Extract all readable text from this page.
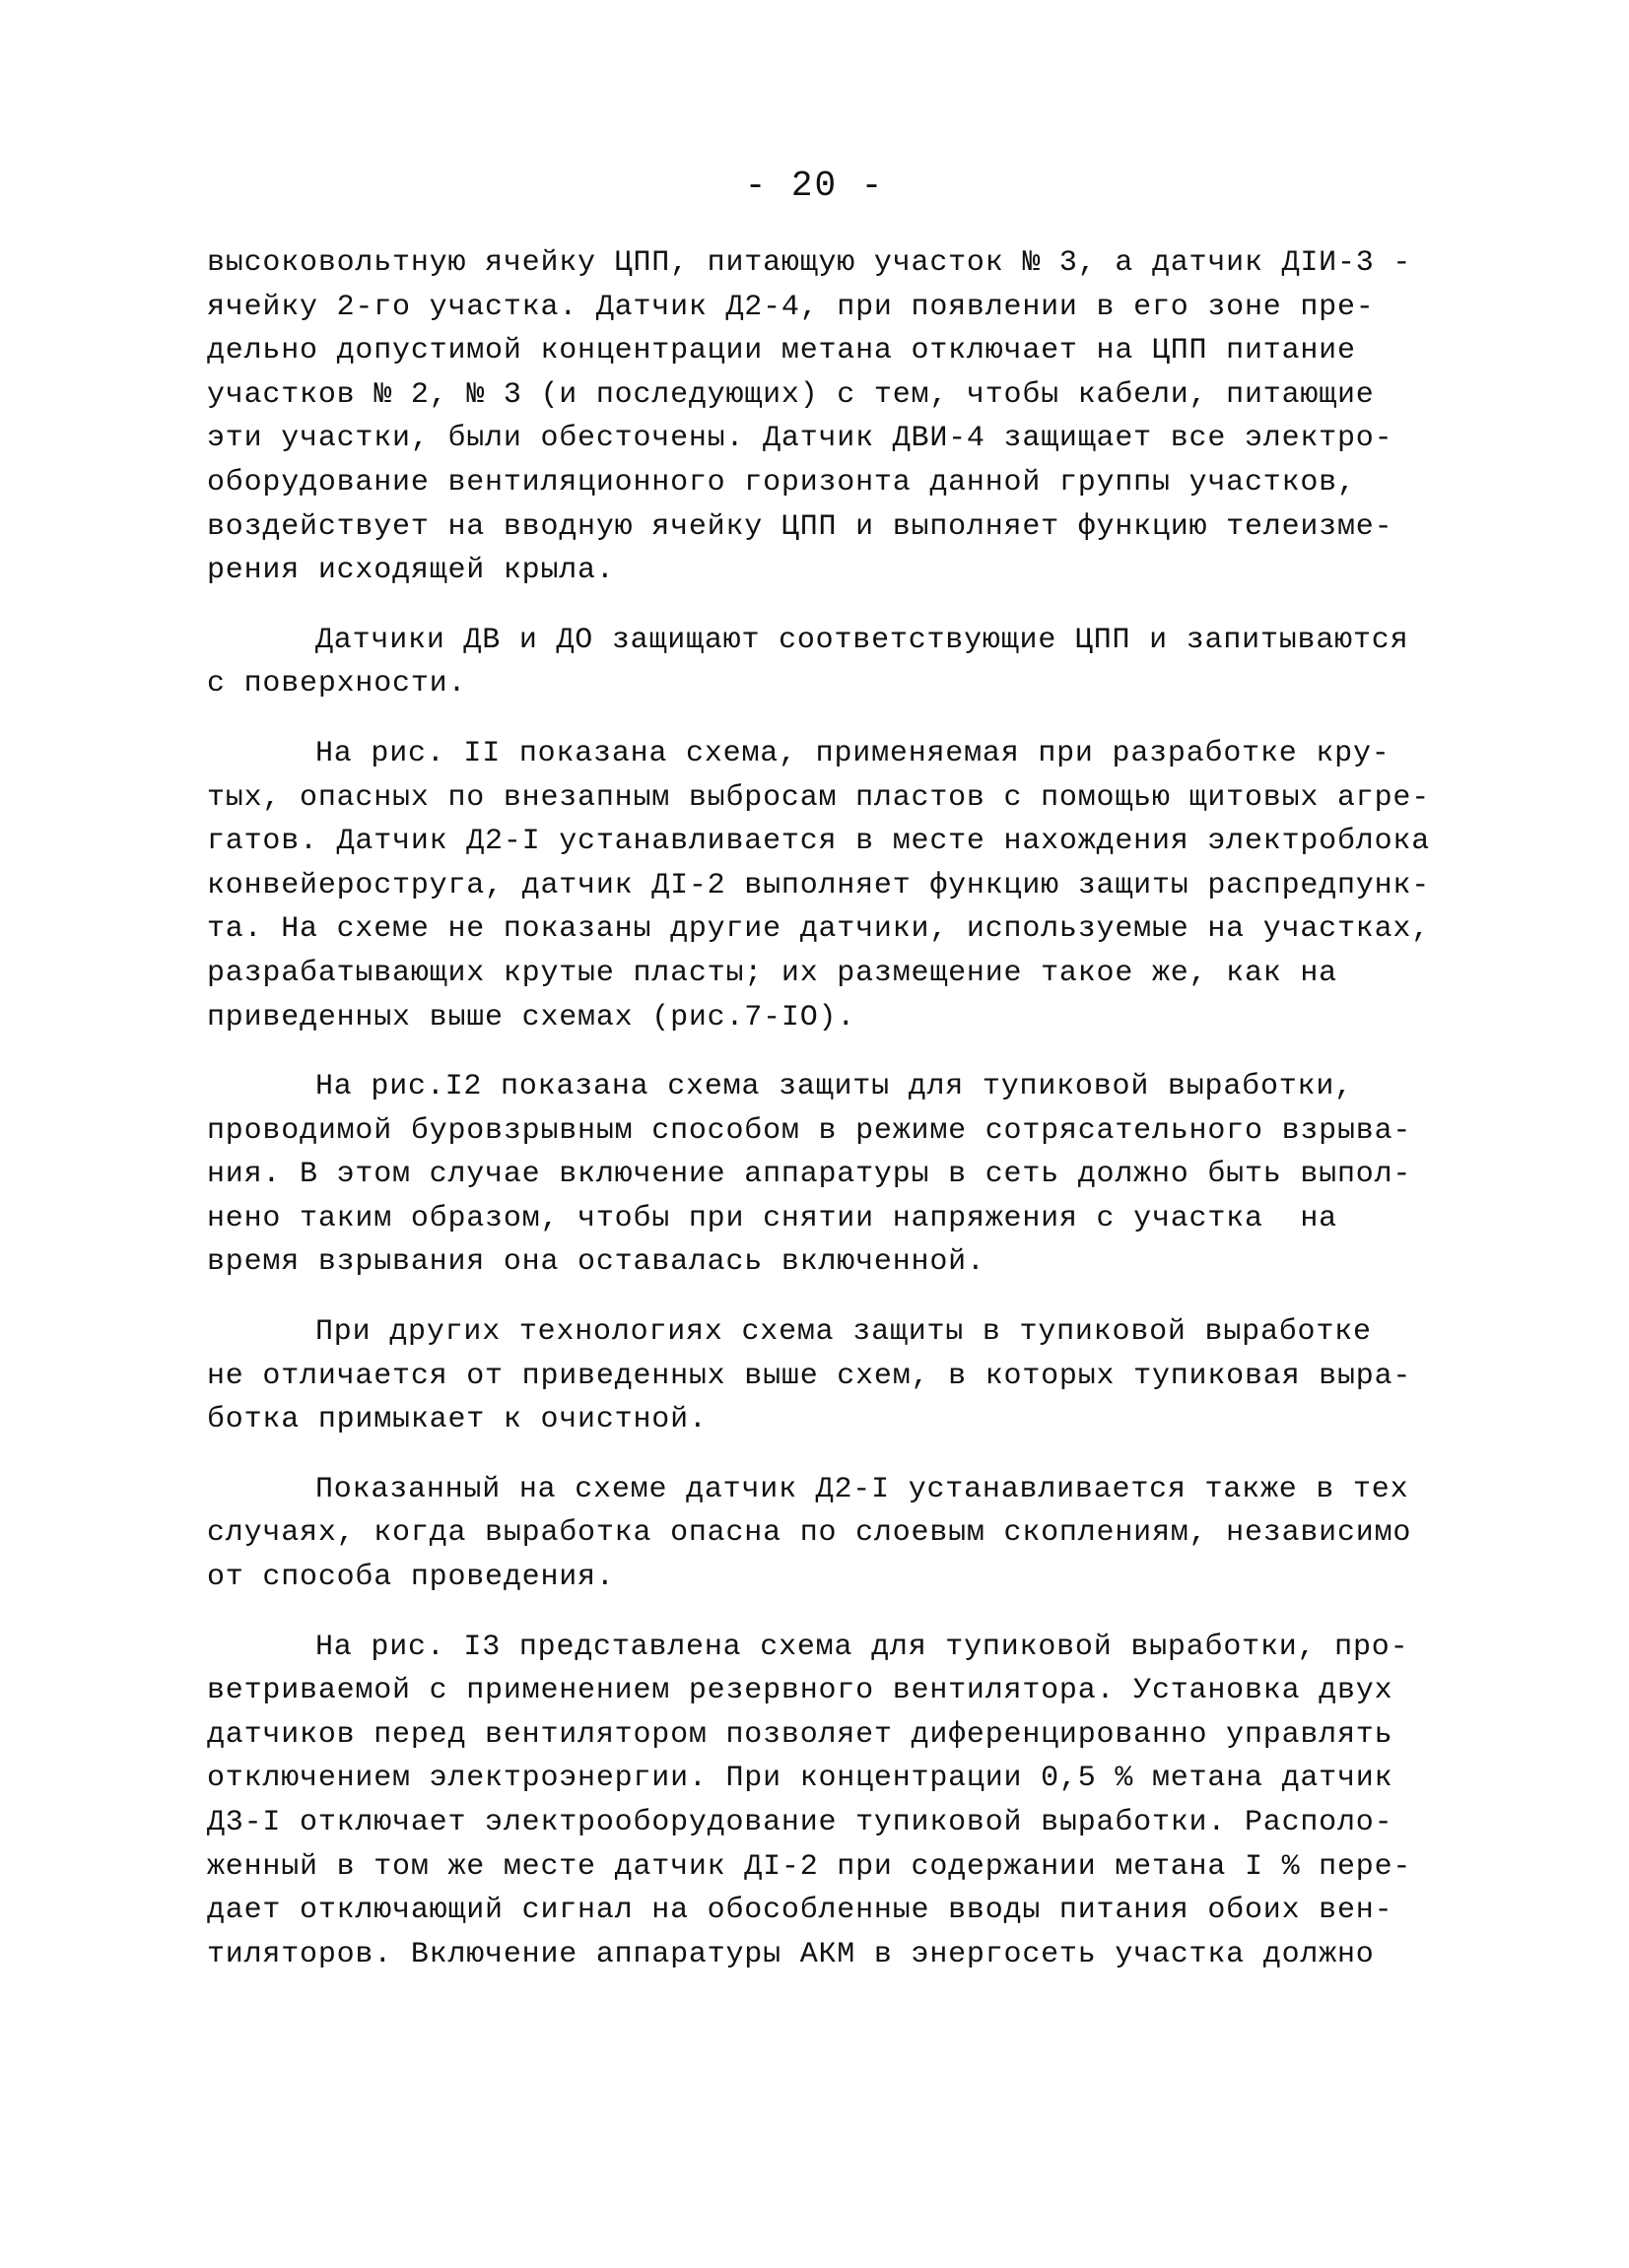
- 20 -
высоковольтную ячейку ЦПП, питающую участок № 3, а датчик ДIИ-3 -
ячейку 2-го участка. Датчик Д2-4, при появлении в его зоне пре-
дельно допустимой концентрации метана отключает на ЦПП питание
участков № 2, № 3 (и последующих) с тем, чтобы кабели, питающие
эти участки, были обесточены. Датчик ДВИ-4 защищает все электро-
оборудование вентиляционного горизонта данной группы участков,
воздействует на вводную ячейку ЦПП и выполняет функцию телеизме-
рения исходящей крыла.
Датчики ДВ и ДО защищают соответствующие ЦПП и запитываются
с поверхности.
На рис. II показана схема, применяемая при разработке кру-
тых, опасных по внезапным выбросам пластов с помощью щитовых агре-
гатов. Датчик Д2-I устанавливается в месте нахождения электроблока
конвейероструга, датчик ДI-2 выполняет функцию защиты распредпунк-
та. На схеме не показаны другие датчики, используемые на участках,
разрабатывающих крутые пласты; их размещение такое же, как на
приведенных выше схемах (рис.7-IO).
На рис.I2 показана схема защиты для тупиковой выработки,
проводимой буровзрывным способом в режиме сотрясательного взрыва-
ния. В этом случае включение аппаратуры в сеть должно быть выпол-
нено таким образом, чтобы при снятии напряжения с участка  на
время взрывания она оставалась включенной.
При других технологиях схема защиты в тупиковой выработке
не отличается от приведенных выше схем, в которых тупиковая выра-
ботка примыкает к очистной.
Показанный на схеме датчик Д2-I устанавливается также в тех
случаях, когда выработка опасна по слоевым скоплениям, независимо
от способа проведения.
На рис. I3 представлена схема для тупиковой выработки, про-
ветриваемой с применением резервного вентилятора. Установка двух
датчиков перед вентилятором позволяет диференцированно управлять
отключением электроэнергии. При концентрации 0,5 % метана датчик
Д3-I отключает электрооборудование тупиковой выработки. Располо-
женный в том же месте датчик ДI-2 при содержании метана I % пере-
дает отключающий сигнал на обособленные вводы питания обоих вен-
тиляторов. Включение аппаратуры АКМ в энергосеть участка должно
